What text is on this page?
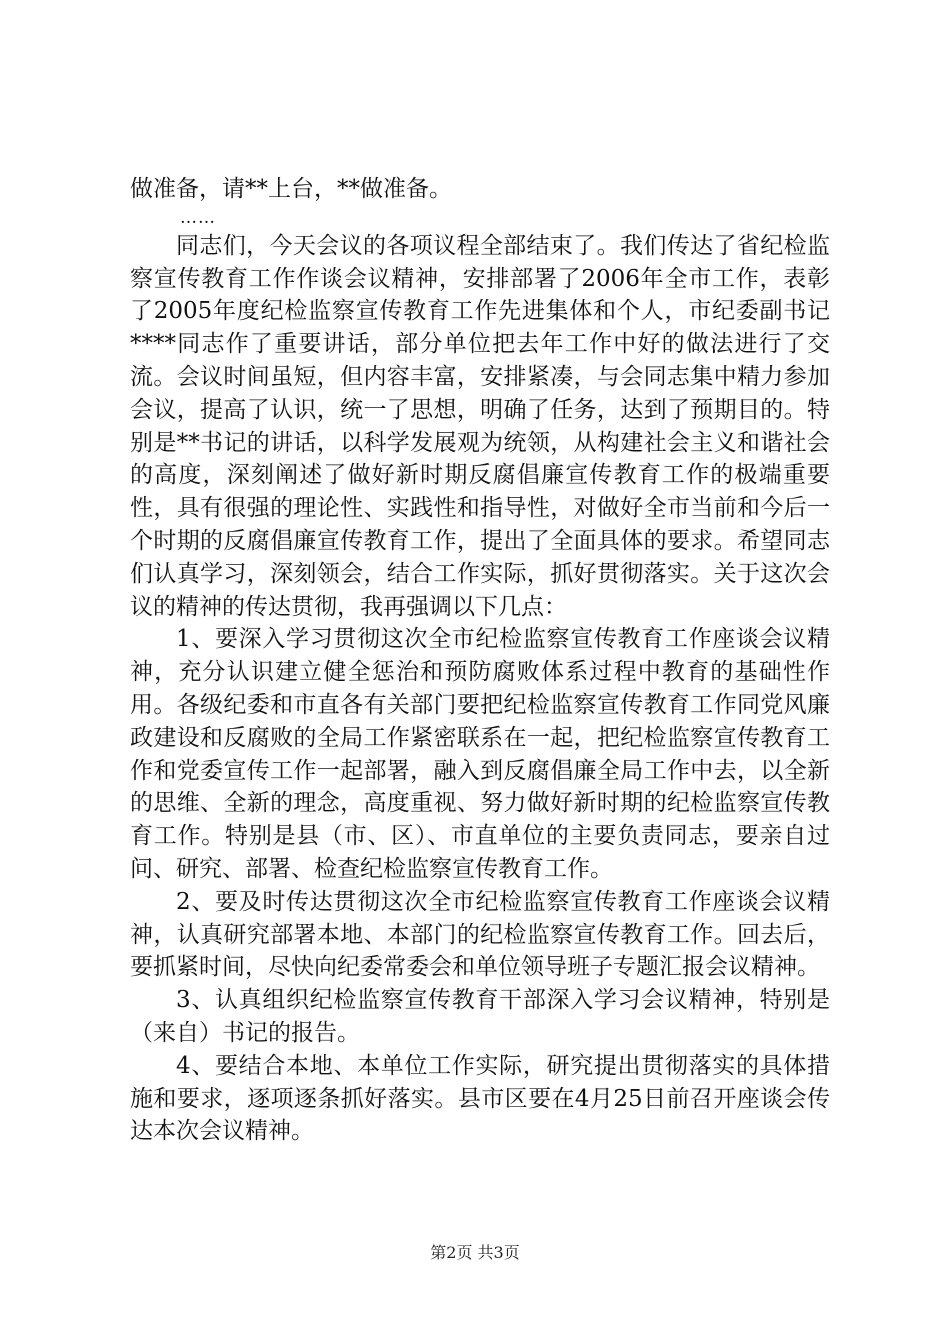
做准备，请**上台，**做准备。

……

同志们，今天会议的各项议程全部结束了。我们传达了省纪检监察宣传教育工作作谈会议精神，安排部署了2006年全市工作，表彰了2005年度纪检监察宣传教育工作先进集体和个人，市纪委副书记****同志作了重要讲话，部分单位把去年工作中好的做法进行了交流。会议时间虽短，但内容丰富，安排紧凑，与会同志集中精力参加会议，提高了认识，统一了思想，明确了任务，达到了预期目的。特别是**书记的讲话，以科学发展观为统领，从构建社会主义和谐社会的高度，深刻阐述了做好新时期反腐倡廉宣传教育工作的极端重要性，具有很强的理论性、实践性和指导性，对做好全市当前和今后一个时期的反腐倡廉宣传教育工作，提出了全面具体的要求。希望同志们认真学习，深刻领会，结合工作实际，抓好贯彻落实。关于这次会议的精神的传达贯彻，我再强调以下几点：

1、要深入学习贯彻这次全市纪检监察宣传教育工作座谈会议精神，充分认识建立健全惩治和预防腐败体系过程中教育的基础性作用。各级纪委和市直各有关部门要把纪检监察宣传教育工作同党风廉政建设和反腐败的全局工作紧密联系在一起，把纪检监察宣传教育工作和党委宣传工作一起部署，融入到反腐倡廉全局工作中去，以全新的思维、全新的理念，高度重视、努力做好新时期的纪检监察宣传教育工作。特别是县（市、区）、市直单位的主要负责同志，要亲自过问、研究、部署、检查纪检监察宣传教育工作。

2、要及时传达贯彻这次全市纪检监察宣传教育工作座谈会议精神，认真研究部署本地、本部门的纪检监察宣传教育工作。回去后，要抓紧时间，尽快向纪委常委会和单位领导班子专题汇报会议精神。

3、认真组织纪检监察宣传教育干部深入学习会议精神，特别是（来自）书记的报告。

4、要结合本地、本单位工作实际，研究提出贯彻落实的具体措施和要求，逐项逐条抓好落实。县市区要在4月25日前召开座谈会传达本次会议精神。

第2页 共3页
